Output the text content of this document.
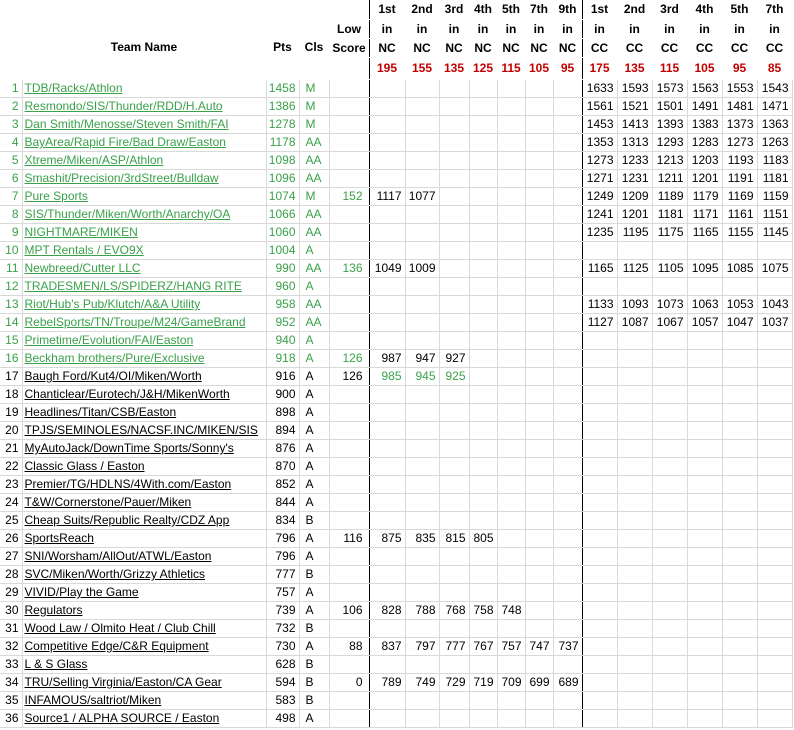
	Team Name	Pts	Cls		1st	2nd	3rd	4th	5th	7th	9th	1st	2nd	3rd	4th	5th	7th
				Low	in	in	in	in	in	in	in	in	in	in	in	in	in
				Score	NC	NC	NC	NC	NC	NC	NC	CC	CC	CC	CC	CC	CC
					195	155	135	125	115	105	95	175	135	115	105	95	85
1	TDB/Racks/Athlon	1458	M									1633	1593	1573	1563	1553	1543
2	Resmondo/SIS/Thunder/RDD/H.Auto	1386	M									1561	1521	1501	1491	1481	1471
3	Dan Smith/Menosse/Steven Smith/FAI	1278	M									1453	1413	1393	1383	1373	1363
4	BayArea/Rapid Fire/Bad Draw/Easton	1178	AA									1353	1313	1293	1283	1273	1263
5	Xtreme/Miken/ASP/Athlon	1098	AA									1273	1233	1213	1203	1193	1183
6	Smashit/Precision/3rdStreet/Bulldaw	1096	AA									1271	1231	1211	1201	1191	1181
7	Pure Sports	1074	M	152	1117	1077						1249	1209	1189	1179	1169	1159
8	SIS/Thunder/Miken/Worth/Anarchy/OA	1066	AA									1241	1201	1181	1171	1161	1151
9	NIGHTMARE/MIKEN	1060	AA									1235	1195	1175	1165	1155	1145
10	MPT Rentals / EVO9X	1004	A														
11	Newbreed/Cutter LLC	990	AA	136	1049	1009						1165	1125	1105	1095	1085	1075
12	TRADESMEN/LS/SPIDERZ/HANG RITE	960	A														
13	Riot/Hub's Pub/Klutch/A&A Utility	958	AA									1133	1093	1073	1063	1053	1043
14	RebelSports/TN/Troupe/M24/GameBrand	952	AA									1127	1087	1067	1057	1047	1037
15	Primetime/Evolution/FAI/Easton	940	A														
16	Beckham brothers/Pure/Exclusive	918	A	126	987	947	927										
17	Baugh Ford/Kut4/OI/Miken/Worth	916	A	126	985	945	925										
18	Chanticlear/Eurotech/J&H/MikenWorth	900	A														
19	Headlines/Titan/CSB/Easton	898	A														
20	TPJS/SEMINOLES/NACSF.INC/MIKEN/SIS	894	A														
21	MyAutoJack/DownTime Sports/Sonny's	876	A														
22	Classic Glass / Easton	870	A														
23	Premier/TG/HDLNS/4With.com/Easton	852	A														
24	T&W/Cornerstone/Pauer/Miken	844	A														
25	Cheap Suits/Republic Realty/CDZ App	834	B														
26	SportsReach	796	A	116	875	835	815	805									
27	SNI/Worsham/AllOut/ATWL/Easton	796	A														
28	SVC/Miken/Worth/Grizzy Athletics	777	B														
29	VIVID/Play the Game	757	A														
30	Regulators	739	A	106	828	788	768	758	748								
31	Wood Law / Olmito Heat / Club Chill	732	B														
32	Competitive Edge/C&R Equipment	730	A	88	837	797	777	767	757	747	737						
33	L & S Glass	628	B														
34	TRU/Selling Virginia/Easton/CA Gear	594	B	0	789	749	729	719	709	699	689						
35	INFAMOUS/saltriot/Miken	583	B														
36	Source1 / ALPHA SOURCE / Easton	498	A														
